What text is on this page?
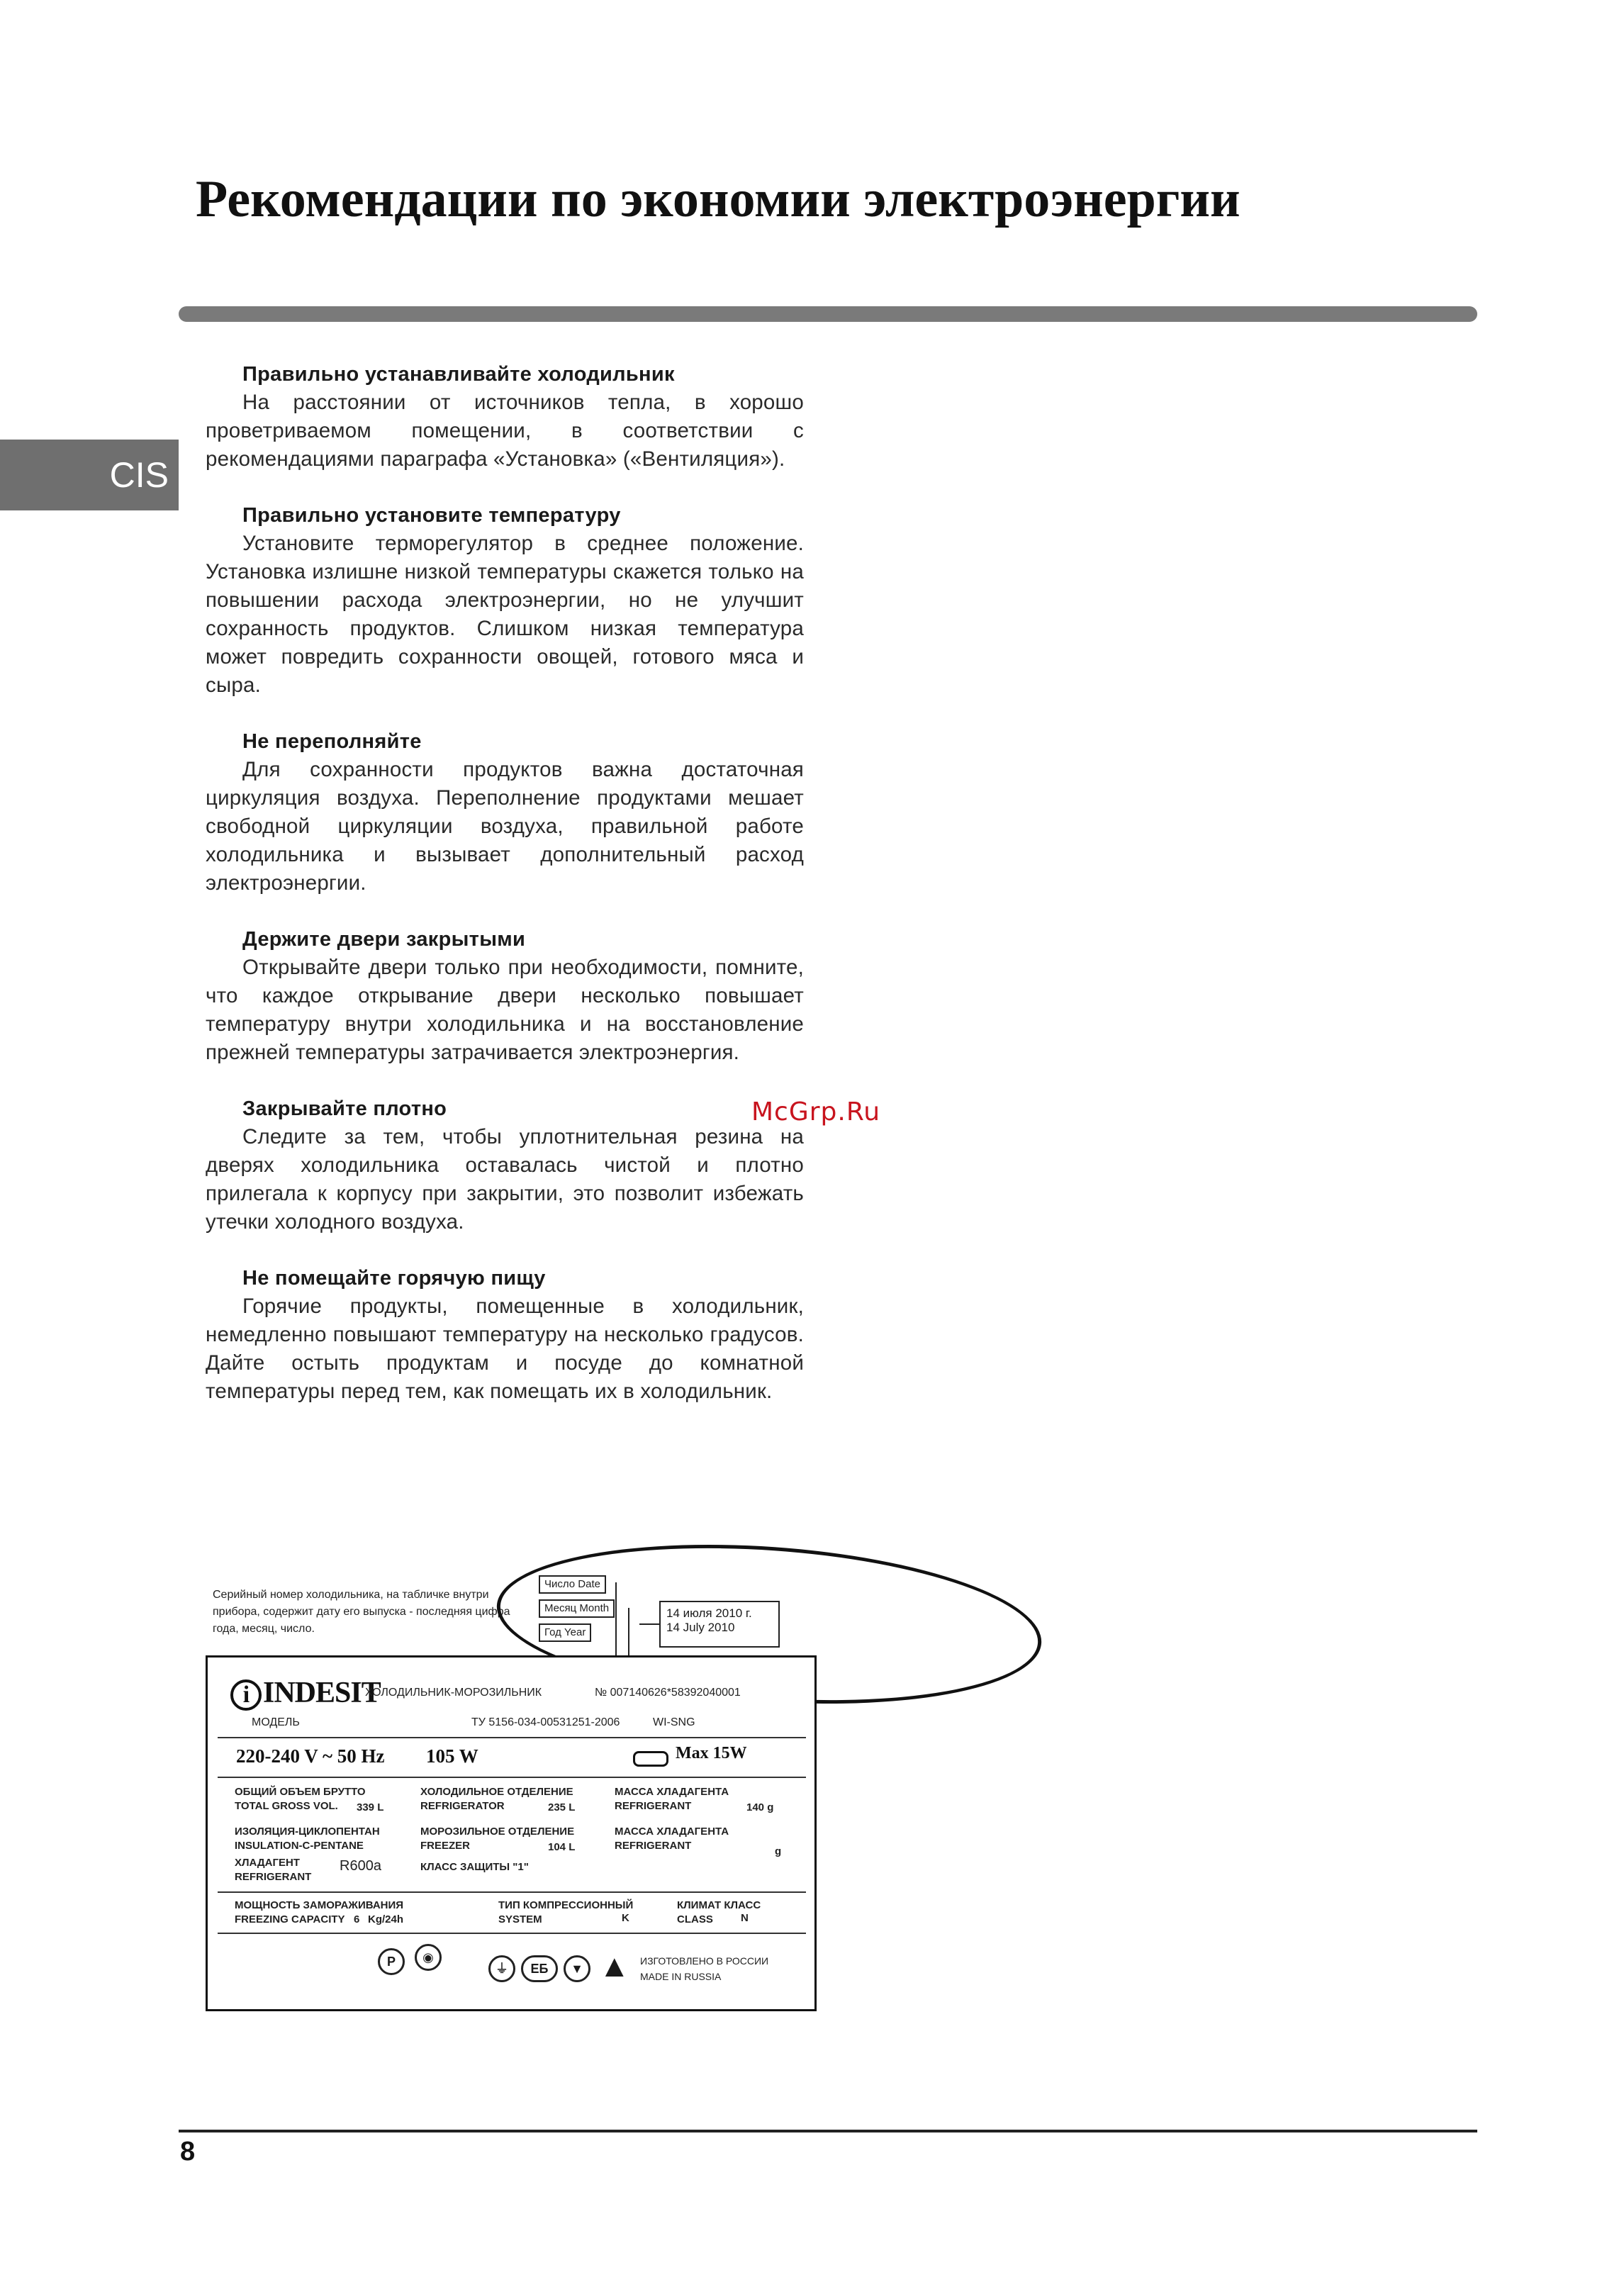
Рекомендации по экономии электроэнергии
CIS
Правильно устанавливайте холодильник

На расстоянии от источников тепла, в хорошо проветриваемом помещении, в соответствии с рекомендациями параграфа «Установка» («Вентиляция»).

Правильно установите температуру

Установите терморегулятор в среднее положение. Установка излишне низкой температуры скажется только на повышении расхода электроэнергии, но не улучшит сохранность продуктов. Слишком низкая температура может повредить сохранности овощей, готового мяса и сыра.

Не переполняйте

Для сохранности продуктов важна достаточная циркуляция воздуха. Переполнение продуктами мешает свободной циркуляции воздуха, правильной работе холодильника и вызывает дополнительный расход электроэнергии.

Держите двери закрытыми

Открывайте двери только при необходимости, помните, что каждое открывание двери несколько повышает температуру внутри холодильника и на восстановление прежней температуры затрачивается электроэнергия.

Закрывайте плотно

Следите за тем, чтобы уплотнительная резина на дверях холодильника оставалась чистой и плотно прилегала к корпусу при закрытии, это позволит избежать утечки холодного воздуха.

Не помещайте горячую пищу

Горячие продукты, помещенные в холодильник, немедленно повышают температуру на несколько градусов. Дайте остыть продуктам и посуде до комнатной температуры перед тем, как помещать их в холодильник.

McGrp.Ru
Серийный номер холодильника, на табличке внутри прибора, содержит дату его выпуска - последняя цифра года, месяц, число.
Число Date
Месяц Month
Год Year
14 июля 2010 г.
14 July 2010
i INDESIT
ХОЛОДИЛЬНИК-МОРОЗИЛЬНИК	№ 007140626*58392040001
МОДЕЛЬ	ТУ 5156-034-00531251-2006	WI-SNG
220-240 V ~ 50 Hz 105 W	Max 15W
ОБЩИЙ ОБЪЕМ БРУТТО
TOTAL GROSS VOL. 339 L
ХОЛОДИЛЬНОЕ ОТДЕЛЕНИЕ
REFRIGERATOR	235 L
МАССА ХЛАДАГЕНТА
REFRIGERANT	140 g
ИЗОЛЯЦИЯ-ЦИКЛОПЕНТАН
INSULATION-C-PENTANE
МОРОЗИЛЬНОЕ ОТДЕЛЕНИЕ
FREEZER	104 L
МАССА ХЛАДАГЕНТА
REFRIGERANT	g
ХЛАДАГЕНТ
REFRIGERANT
R600a	КЛАСС ЗАЩИТЫ "1"
МОЩНОСТЬ ЗАМОРАЖИВАНИЯ
FREEZING CAPACITY 6 Kg/24h
ТИП КОМПРЕССИОННЫЙ
SYSTEM	K
КЛИМАТ КЛАСС
CLASS	N
Р	◉
⏚	ЕБ	▼ ▲ ИЗГОТОВЛЕНО В РОССИИ
MADE IN RUSSIA
8
